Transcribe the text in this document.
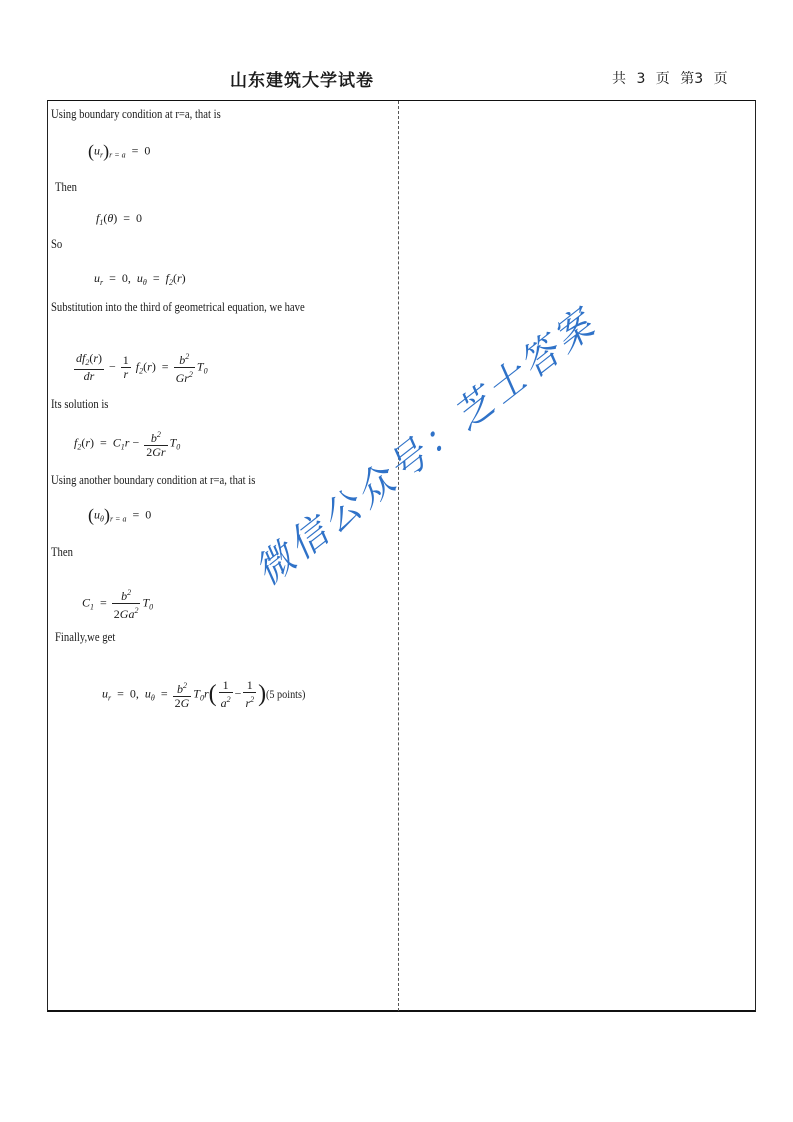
山东建筑大学试卷	共 3 页 第3 页
Using boundary condition at r=a, that is
$(u_r)_{r = a} = 0$
Then
$f_1(\theta) = 0$
So
$u_r = 0$,  $u_\theta = f_2(r)$
Substitution into the third of geometrical equation, we have
$\frac{df_2(r)}{dr} - \frac{1}{r} f_2(r) = \frac{b^2}{Gr^2} T_0$
Its solution is
$f_2(r) = C_1r - \frac{b^2}{2Gr} T_0$
Using another boundary condition at r=a, that is
$(u_\theta)_{r = a} = 0$
Then
$C_1 = \frac{b^2}{2Ga^2} T_0$
Finally,we get
$u_r = 0$,  $u_\theta = \frac{b^2}{2G} T_0r( \frac{1}{a^2} - \frac{1}{r^2}$ ) (5 points)
微信公众号：芝士答案
